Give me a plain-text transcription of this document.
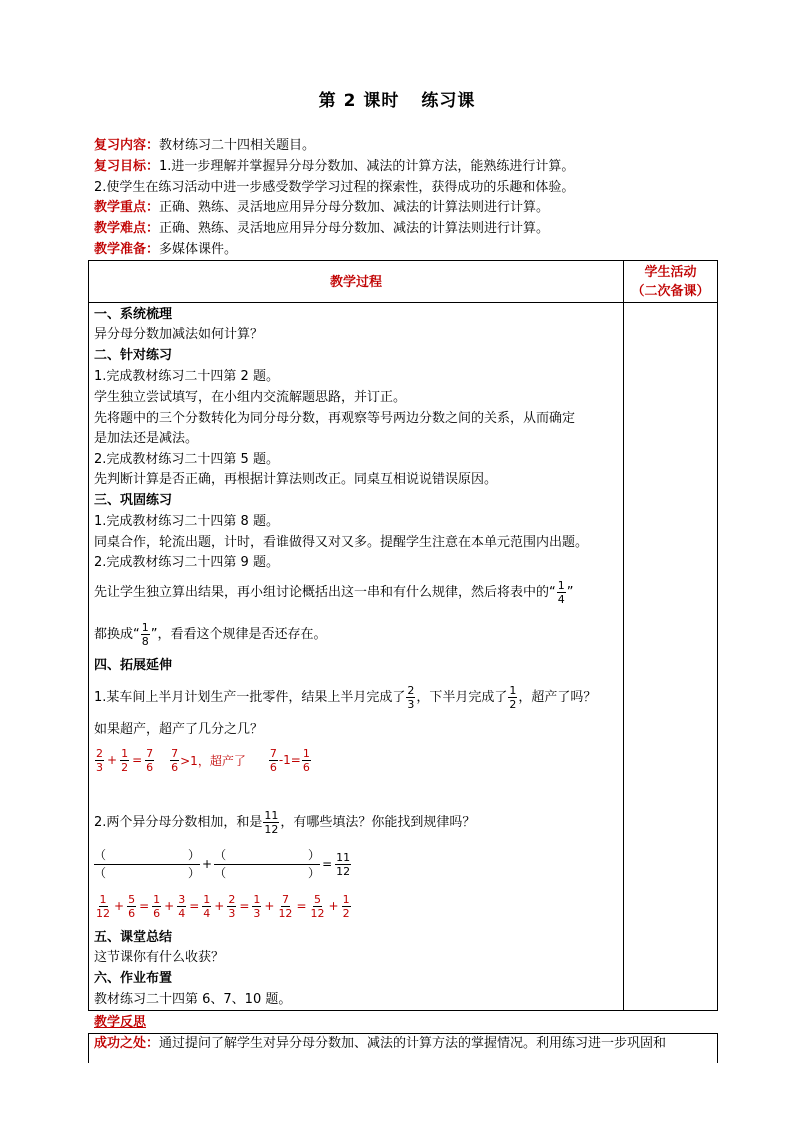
第 2 课时 练习课
复习内容：教材练习二十四相关题目。
复习目标：1.进一步理解并掌握异分母分数加、减法的计算方法，能熟练进行计算。
2.使学生在练习活动中进一步感受数学学习过程的探索性，获得成功的乐趣和体验。
教学重点：正确、熟练、灵活地应用异分母分数加、减法的计算法则进行计算。
教学难点：正确、熟练、灵活地应用异分母分数加、减法的计算法则进行计算。
教学准备：多媒体课件。
教学过程
学生活动
（二次备课）
一、系统梳理
异分母分数加减法如何计算？
二、针对练习
1.完成教材练习二十四第 2 题。
学生独立尝试填写，在小组内交流解题思路，并订正。
先将题中的三个分数转化为同分母分数，再观察等号两边分数之间的关系，从而确定
是加法还是减法。
2.完成教材练习二十四第 5 题。
先判断计算是否正确，再根据计算法则改正。同桌互相说说错误原因。
三、巩固练习
1.完成教材练习二十四第 8 题。
同桌合作，轮流出题，计时，看谁做得又对又多。提醒学生注意在本单元范围内出题。
2.完成教材练习二十四第 9 题。
先让学生独立算出结果，再小组讨论概括出这一串和有什么规律，然后将表中的“ $\frac{1}{4}$ ”
都换成“ $\frac{1}{8}$ ”，看看这个规律是否还存在。
四、拓展延伸
1.某车间上半月计划生产一批零件，结果上半月完成了 $\frac{2}{3}$ ，下半月完成了 $\frac{1}{2}$ ，超产了吗？
如果超产，超产了几分之几？
$\frac{2}{3} + \frac{1}{2} = \frac{7}{6} \frac{7}{6} >1$，超产了 $\frac{7}{6} -1= \frac{1}{6}$
2.两个异分母分数相加，和是 $\frac{11}{12}$ ，有哪些填法？你能找到规律吗？
（	）
（	）
+
（	）
（	）
= $\frac{11}{12}$
$\frac{1}{12} + \frac{5}{6} = \frac{1}{6} + \frac{3}{4} = \frac{1}{4} + \frac{2}{3} = \frac{1}{3} + \frac{7}{12} = \frac{5}{12} + \frac{1}{2}$
五、课堂总结
这节课你有什么收获？
六、作业布置
教材练习二十四第 6、7、10 题。
教学反思
成功之处：通过提问了解学生对异分母分数加、减法的计算方法的掌握情况。利用练习进一步巩固和
